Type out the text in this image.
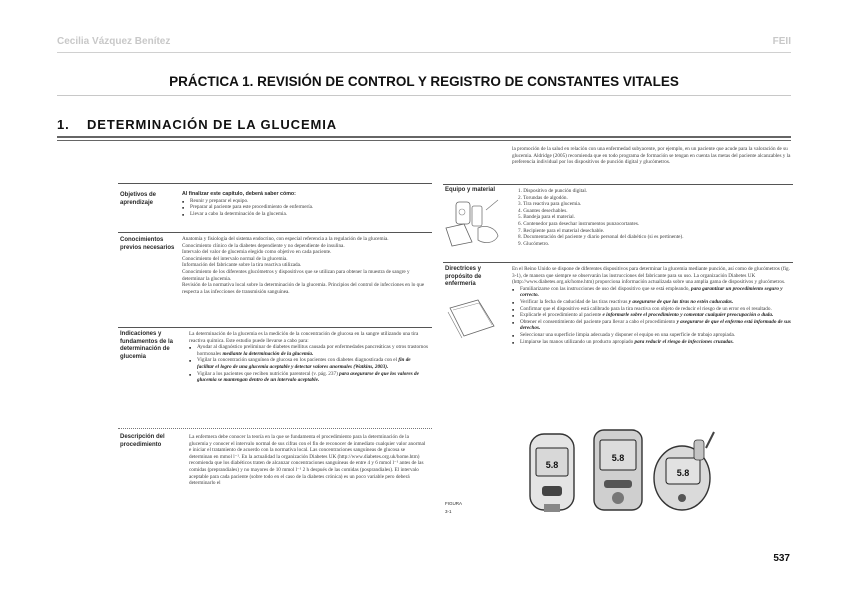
Cecilia Vázquez Benítez	FEII
PRÁCTICA 1. REVISIÓN DE CONTROL Y REGISTRO DE CONSTANTES VITALES
1. DETERMINACIÓN DE LA GLUCEMIA
Objetivos de aprendizaje

Al finalizar este capítulo, deberá saber cómo:

■ Reunir y preparar el equipo.
■ Preparar al paciente para este procedimiento de enfermería.
■ Llevar a cabo la determinación de la glucemia.
Conocimientos previos necesarios

Anatomía y fisiología del sistema endocrino, con especial referencia a la regulación de la glucemia.

Conocimiento clínico de la diabetes dependiente y no dependiente de insulina.

Intervalo del valor de glucemia elegido como objetivo en cada paciente.

Conocimiento del intervalo normal de la glucemia.

Información del fabricante sobre la tira reactiva utilizada.

Conocimiento de los diferentes glucómetros y dispositivos que se utilizan para obtener la muestra de sangre y determinar la glucemia.

Revisión de la normativa local sobre la determinación de la glucemia. Principios del control de infecciones en lo que respecta a las infecciones de transmisión sanguínea.

Indicaciones y fundamentos de la determinación de glucemia

La determinación de la glucemia es la medición de la concentración de glucosa en la sangre utilizando una tira reactiva química. Este estudio puede llevarse a cabo para:

■ Ayudar al diagnóstico preliminar de diabetes mellitus causada por enfermedades pancreáticas y otros trastornos hormonales mediante la determinación de la glucemia.
■ Vigilar la concentración sanguínea de glucosa en los pacientes con diabetes diagnosticada con el fin de facilitar el logro de una glucemia aceptable y detectar valores anormales (Watkins, 2003).
■ Vigilar a los pacientes que reciben nutrición parenteral (v. pág. 237) para asegurarse de que los valores de glucemia se mantengan dentro de un intervalo aceptable.
Descripción del procedimiento

La enfermera debe conocer la teoría en la que se fundamenta el procedimiento para la determinación de la glucemia y conocer el intervalo normal de sus cifras con el fin de reconocer de inmediato cualquier valor anormal e iniciar el tratamiento de acuerdo con la normativa local. Las concentraciones sanguíneas de glucosa se determinan en mmol l⁻¹. En la actualidad la organización Diabetes UK (http://www.diabetes.org.uk/home.htm) recomienda que los diabéticos traten de alcanzar concentraciones sanguíneas de entre 4 y 6 mmol l⁻¹ antes de las comidas (preprandiales) y no mayores de 10 mmol l⁻¹ 2 h después de las comidas (posprandiales). El intervalo aceptable para cada paciente (sobre todo en el caso de la diabetes crónica) es un poco variable pero deberá determinarlo el

la promoción de la salud en relación con una enfermedad subyacente, por ejemplo, en un paciente que acude para la valoración de su glucemia. Aldridge (2005) recomienda que en todo programa de formación se tengan en cuenta las metas del paciente alcanzables y la preferencia individual por los dispositivos de punción digital y glucómetros.

Equipo y material	1. Dispositivo de punción digital.
2. Torundas de algodón.
3. Tira reactiva para glucemia.
4. Guantes desechables.
5. Bandeja para el material.
6. Contenedor para desechar instrumentos punzocortantes.
7. Recipiente para el material desechable.
8. Documentación del paciente y diario personal del diabético (si es pertinente).
9. Glucómetro.
Directrices y propósito de enfermería

En el Reino Unido se dispone de diferentes dispositivos para determinar la glucemia mediante punción, así como de glucómetros (fig. 3-1), de manera que siempre se observarán las instrucciones del fabricante para su uso. La organización Diabetes UK (http://www.diabetes.org.uk/home.htm) proporciona información actualizada sobre una amplia gama de dispositivos y glucómetros.

■ Familiarizarse con las instrucciones de uso del dispositivo que se está empleando, para garantizar un procedimiento seguro y correcto.
■ Verificar la fecha de caducidad de las tiras reactivas y asegurarse de que las tiras no estén caducadas.
■ Confirmar que el dispositivo está calibrado para la tira reactiva con objeto de reducir el riesgo de un error en el resultado.
■ Explicarle el procedimiento al paciente e informarle sobre el procedimiento y comentar cualquier preocupación o duda.
■ Obtener el consentimiento del paciente para llevar a cabo el procedimiento y asegurarse de que el enfermo está informado de sus derechos.
■ Seleccionar una superficie limpia adecuada y disponer el equipo en una superficie de trabajo apropiada.
■ Limpiarse las manos utilizando un producto apropiado para reducir el riesgo de infecciones cruzadas.
FIGURA 3-1
5.8
5.8
5.8
537
